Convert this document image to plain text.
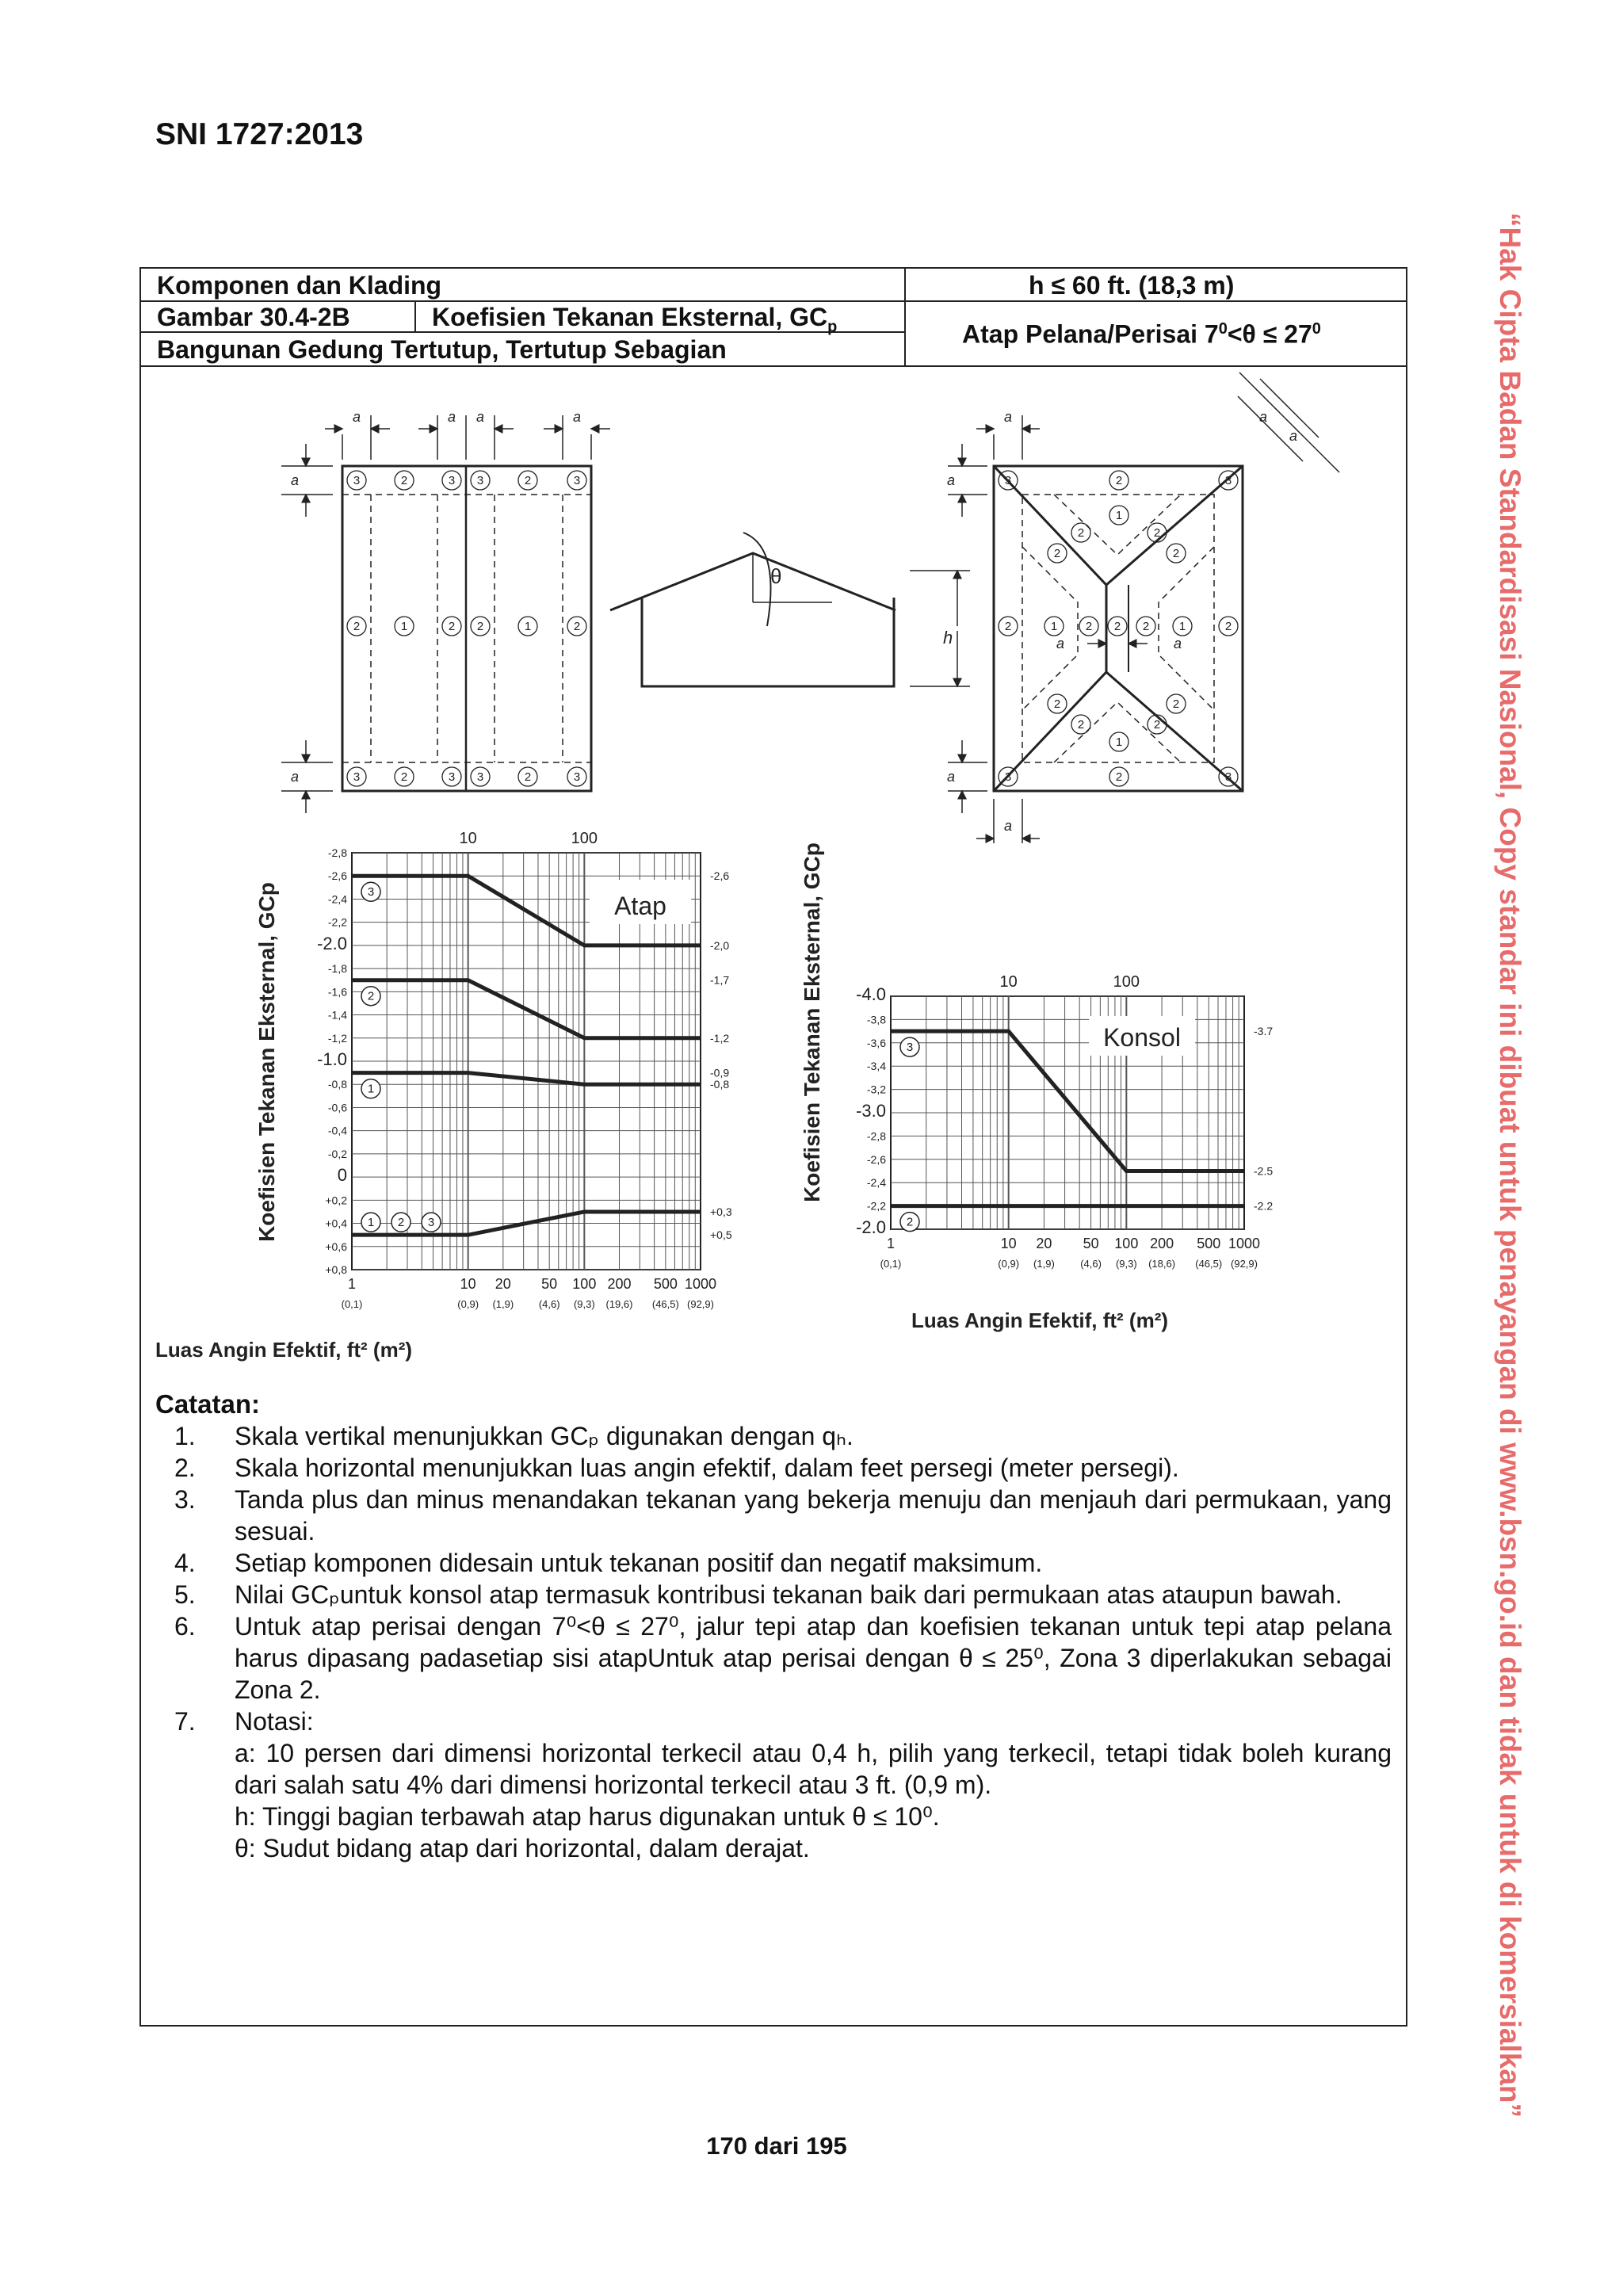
SNI 1727:2013
“Hak Cipta Badan Standardisasi Nasional, Copy standar ini dibuat untuk penayangan di www.bsn.go.id dan tidak untuk di komersialkan”
Komponen dan Klading	h ≤ 60 ft. (18,3 m)
Gambar 30.4-2B	Koefisien Tekanan Eksternal, $GC_p$
Bangunan Gedung Tertutup, Tertutup Sebagian
Atap Pelana/Perisai $7^0<\theta \le 27^0$
a	a a	a
a
a
3	2	3 3	2	3
2	1	2 2	1	2
3	2	3 3	2	3
θ
h
a
a
a
a
a	a
a
a
3	2	3
1
2	2
2	2
2	1 2 2 2	1	2
2	2
2	2
1
3	2	3
-2,8
-2,6
-2,4
-2,2
-2.0
-1,8
-1,6
-1,4
-1,2
-1.0
-0,8
-0,6
-0,4
-0,2
0
+0,2
+0,4
+0,6
+0,8
1
(0,1)
10
(0,9)
20
(1,9)
50
(4,6)
100
(9,3)
200
(19,6)
500
(46,5)
1000
(92,9)
10	100
-2,6
-2,0
-1,7
-1,2
-0,9
-0,8
+0,3
+0,5
3
2
1
1 2 3
Atap
Koefisien Tekanan Eksternal, GCp
Luas Angin Efektif, ft² (m²)
-4.0
-3,8
-3,6
-3,4
-3,2
-3.0
-2,8
-2,6
-2,4
-2,2
-2.0
1
(0,1)
10
(0,9)
20
(1,9)
50
(4,6)
100
(9,3)
200
(18,6)
500
(46,5)
1000
(92,9)
10	100
-3.7
-2.5
-2.2
3
2
Konsol
Koefisien Tekanan Eksternal, GCp
Luas Angin Efektif, ft² (m²)
Catatan:
1. Skala vertikal menunjukkan GCₚ digunakan dengan qₕ.
2. Skala horizontal menunjukkan luas angin efektif, dalam feet persegi (meter persegi).
3. Tanda plus dan minus menandakan tekanan yang bekerja menuju dan menjauh dari permukaan, yang sesuai.
4. Setiap komponen didesain untuk tekanan positif dan negatif maksimum.
5. Nilai GCₚuntuk konsol atap termasuk kontribusi tekanan baik dari permukaan atas ataupun bawah.
6. Untuk atap perisai dengan 7⁰<θ ≤ 27⁰, jalur tepi atap dan koefisien tekanan untuk tepi atap pelana harus dipasang padasetiap sisi atapUntuk atap perisai dengan θ ≤ 25⁰, Zona 3 diperlakukan sebagai Zona 2.
7. Notasi:
a: 10 persen dari dimensi horizontal terkecil atau 0,4 h, pilih yang terkecil, tetapi tidak boleh kurang dari salah satu 4% dari dimensi horizontal terkecil atau 3 ft. (0,9 m).
h: Tinggi bagian terbawah atap harus digunakan untuk θ ≤ 10⁰.
θ: Sudut bidang atap dari horizontal, dalam derajat.
170 dari 195
